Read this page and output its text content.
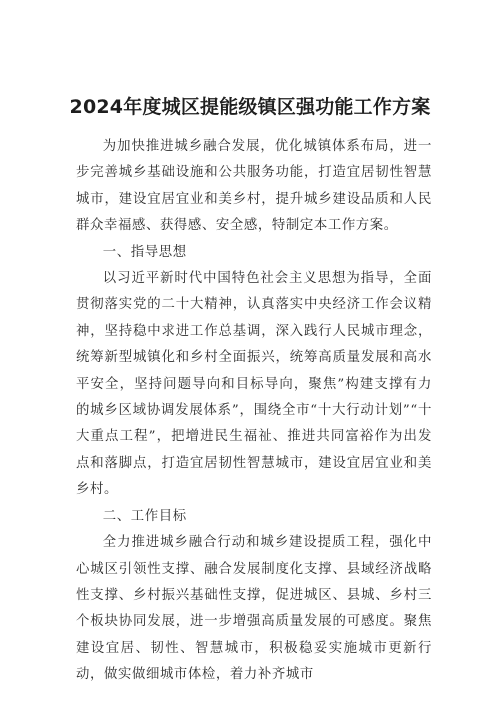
2024年度城区提能级镇区强功能工作方案

为加快推进城乡融合发展，优化城镇体系布局，进一步完善城乡基础设施和公共服务功能，打造宜居韧性智慧城市，建设宜居宜业和美乡村，提升城乡建设品质和人民群众幸福感、获得感、安全感，特制定本工作方案。

一、指导思想

以习近平新时代中国特色社会主义思想为指导，全面贯彻落实党的二十大精神，认真落实中央经济工作会议精神，坚持稳中求进工作总基调，深入践行人民城市理念，统筹新型城镇化和乡村全面振兴，统筹高质量发展和高水平安全，坚持问题导向和目标导向，聚焦”构建支撑有力的城乡区域协调发展体系”，围绕全市“十大行动计划”“十大重点工程”，把增进民生福祉、推进共同富裕作为出发点和落脚点，打造宜居韧性智慧城市，建设宜居宜业和美乡村。

二、工作目标

全力推进城乡融合行动和城乡建设提质工程，强化中心城区引领性支撑、融合发展制度化支撑、县域经济战略性支撑、乡村振兴基础性支撑，促进城区、县城、乡村三个板块协同发展，进一步增强高质量发展的可感度。聚焦建设宜居、韧性、智慧城市，积极稳妥实施城市更新行动，做实做细城市体检，着力补齐城市
